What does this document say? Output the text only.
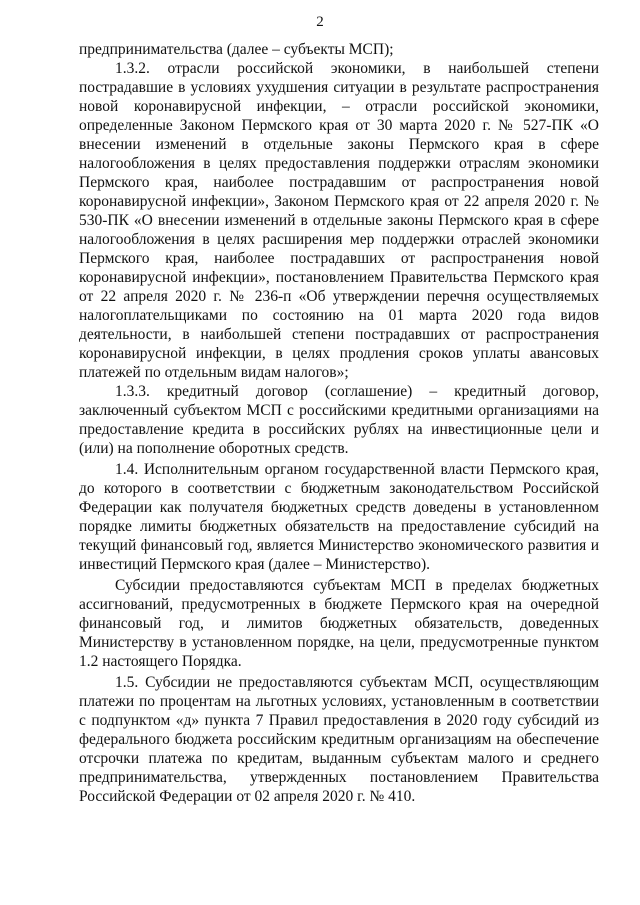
2

предпринимательства (далее – субъекты МСП);

1.3.2. отрасли российской экономики, в наибольшей степени пострадавшие в условиях ухудшения ситуации в результате распространения новой коронавирусной инфекции, – отрасли российской экономики, определенные Законом Пермского края от 30 марта 2020 г. № 527-ПК «О внесении изменений в отдельные законы Пермского края в сфере налогообложения в целях предоставления поддержки отраслям экономики Пермского края, наиболее пострадавшим от распространения новой коронавирусной инфекции», Законом Пермского края от 22 апреля 2020 г. № 530-ПК «О внесении изменений в отдельные законы Пермского края в сфере налогообложения в целях расширения мер поддержки отраслей экономики Пермского края, наиболее пострадавших от распространения новой коронавирусной инфекции», постановлением Правительства Пермского края от 22 апреля 2020 г. № 236-п «Об утверждении перечня осуществляемых налогоплательщиками по состоянию на 01 марта 2020 года видов деятельности, в наибольшей степени пострадавших от распространения коронавирусной инфекции, в целях продления сроков уплаты авансовых платежей по отдельным видам налогов»;

1.3.3. кредитный договор (соглашение) – кредитный договор, заключенный субъектом МСП с российскими кредитными организациями на предоставление кредита в российских рублях на инвестиционные цели и (или) на пополнение оборотных средств.

1.4. Исполнительным органом государственной власти Пермского края, до которого в соответствии с бюджетным законодательством Российской Федерации как получателя бюджетных средств доведены в установленном порядке лимиты бюджетных обязательств на предоставление субсидий на текущий финансовый год, является Министерство экономического развития и инвестиций Пермского края (далее – Министерство).

Субсидии предоставляются субъектам МСП в пределах бюджетных ассигнований, предусмотренных в бюджете Пермского края на очередной финансовый год, и лимитов бюджетных обязательств, доведенных Министерству в установленном порядке, на цели, предусмотренные пунктом 1.2 настоящего Порядка.

1.5. Субсидии не предоставляются субъектам МСП, осуществляющим платежи по процентам на льготных условиях, установленным в соответствии с подпунктом «д» пункта 7 Правил предоставления в 2020 году субсидий из федерального бюджета российским кредитным организациям на обеспечение отсрочки платежа по кредитам, выданным субъектам малого и среднего предпринимательства, утвержденных постановлением Правительства Российской Федерации от 02 апреля 2020 г. № 410.
